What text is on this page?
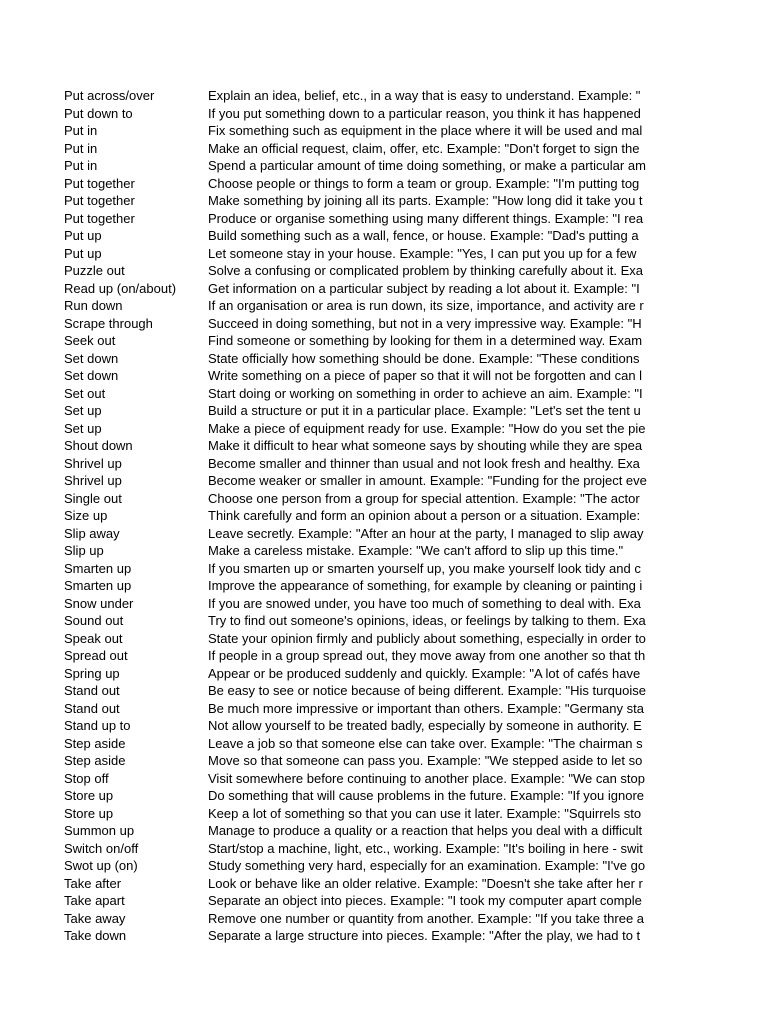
Put across/over	Explain an idea, belief, etc., in a way that is easy to understand. Example: "
Put down to	If you put something down to a particular reason, you think it has happened
Put in	Fix something such as equipment in the place where it will be used and mal
Put in	Make an official request, claim, offer, etc. Example: "Don't forget to sign the
Put in	Spend a particular amount of time doing something, or make a particular am
Put together	Choose people or things to form a team or group. Example: "I'm putting tog
Put together	Make something by joining all its parts. Example: "How long did it take you t
Put together	Produce or organise something using many different things. Example: "I rea
Put up	Build something such as a wall, fence, or house. Example: "Dad's putting a
Put up	Let someone stay in your house. Example: "Yes, I can put you up for a few
Puzzle out	Solve a confusing or complicated problem by thinking carefully about it. Exa
Read up (on/about)	Get information on a particular subject by reading a lot about it. Example: "I
Run down	If an organisation or area is run down, its size, importance, and activity are r
Scrape through	Succeed in doing something, but not in a very impressive way. Example: "H
Seek out	Find someone or something by looking for them in a determined way. Exam
Set down	State officially how something should be done. Example: "These conditions
Set down	Write something on a piece of paper so that it will not be forgotten and can l
Set out	Start doing or working on something in order to achieve an aim. Example: "I
Set up	Build a structure or put it in a particular place. Example: "Let's set the tent u
Set up	Make a piece of equipment ready for use. Example: "How do you set the pie
Shout down	Make it difficult to hear what someone says by shouting while they are spea
Shrivel up	Become smaller and thinner than usual and not look fresh and healthy. Exa
Shrivel up	Become weaker or smaller in amount. Example: "Funding for the project eve
Single out	Choose one person from a group for special attention. Example: "The actor
Size up	Think carefully and form an opinion about a person or a situation. Example:
Slip away	Leave secretly. Example: "After an hour at the party, I managed to slip away
Slip up	Make a careless mistake. Example: "We can't afford to slip up this time."
Smarten up	If you smarten up or smarten yourself up, you make yourself look tidy and c
Smarten up	Improve the appearance of something, for example by cleaning or painting i
Snow under	If you are snowed under, you have too much of something to deal with. Exa
Sound out	Try to find out someone's opinions, ideas, or feelings by talking to them. Exa
Speak out	State your opinion firmly and publicly about something, especially in order to
Spread out	If people in a group spread out, they move away from one another so that th
Spring up	Appear or be produced suddenly and quickly. Example: "A lot of cafés have
Stand out	Be easy to see or notice because of being different. Example: "His turquoise
Stand out	Be much more impressive or important than others. Example: "Germany sta
Stand up to	Not allow yourself to be treated badly, especially by someone in authority. E
Step aside	Leave a job so that someone else can take over. Example: "The chairman s
Step aside	Move so that someone can pass you. Example: "We stepped aside to let so
Stop off	Visit somewhere before continuing to another place. Example: "We can stop
Store up	Do something that will cause problems in the future. Example: "If you ignore
Store up	Keep a lot of something so that you can use it later. Example: "Squirrels sto
Summon up	Manage to produce a quality or a reaction that helps you deal with a difficult
Switch on/off	Start/stop a machine, light, etc., working. Example: "It's boiling in here - swit
Swot up (on)	Study something very hard, especially for an examination. Example: "I've go
Take after	Look or behave like an older relative. Example: "Doesn't she take after her r
Take apart	Separate an object into pieces. Example: "I took my computer apart comple
Take away	Remove one number or quantity from another. Example: "If you take three a
Take down	Separate a large structure into pieces. Example: "After the play, we had to t
